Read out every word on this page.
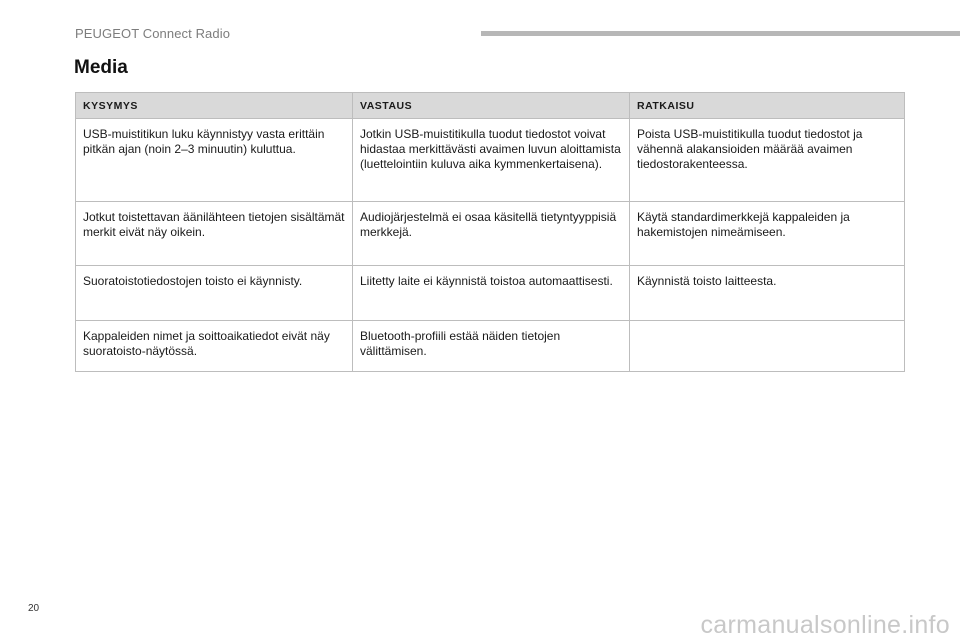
PEUGEOT Connect Radio
Media
KYSYMYS	VASTAUS	RATKAISU
USB-muistitikun luku käynnistyy vasta erittäin pitkän ajan (noin 2–3 minuutin) kuluttua.	Jotkin USB-muistitikulla tuodut tiedostot voivat hidastaa merkittävästi avaimen luvun aloittamista (luettelointiin kuluva aika kymmenkertaisena).	Poista USB-muistitikulla tuodut tiedostot ja vähennä alakansioiden määrää avaimen tiedostorakenteessa.
Jotkut toistettavan äänilähteen tietojen sisältämät merkit eivät näy oikein.	Audiojärjestelmä ei osaa käsitellä tietyntyyppisiä merkkejä.	Käytä standardimerkkejä kappaleiden ja hakemistojen nimeämiseen.
Suoratoistotiedostojen toisto ei käynnisty.	Liitetty laite ei käynnistä toistoa automaattisesti.	Käynnistä toisto laitteesta.
Kappaleiden nimet ja soittoaikatiedot eivät näy suoratoisto-näytössä.	Bluetooth-profiili estää näiden tietojen välittämisen.	
20
carmanualsonline.info
